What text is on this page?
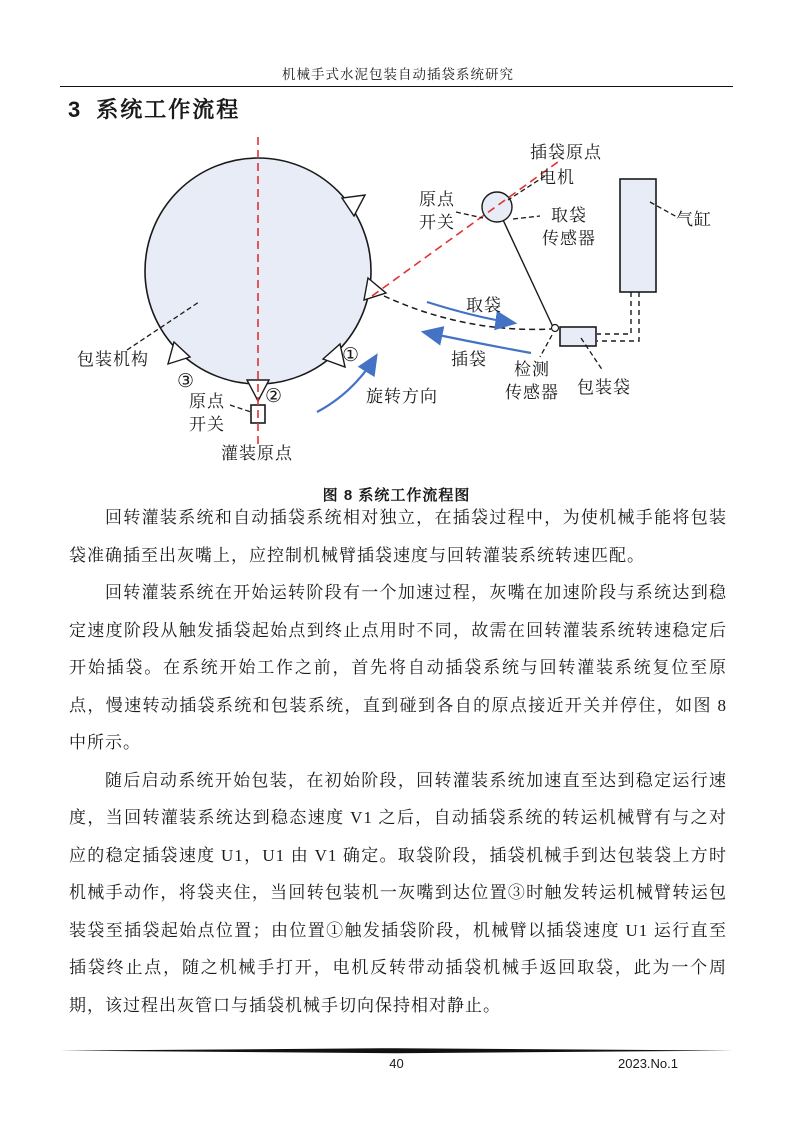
机械手式水泥包装自动插袋系统研究
3 系统工作流程
插袋原点
电机
原点
开关	取袋
传感器
气缸
取袋
插袋
旋转方向
检测
传感器 包装袋
包装机构
原点
开关
灌装原点
①
②
③
图 8 系统工作流程图

回转灌装系统和自动插袋系统相对独立，在插袋过程中，为使机械手能将包装袋准确插至出灰嘴上，应控制机械臂插袋速度与回转灌装系统转速匹配。

回转灌装系统在开始运转阶段有一个加速过程，灰嘴在加速阶段与系统达到稳定速度阶段从触发插袋起始点到终止点用时不同，故需在回转灌装系统转速稳定后开始插袋。在系统开始工作之前，首先将自动插袋系统与回转灌装系统复位至原点，慢速转动插袋系统和包装系统，直到碰到各自的原点接近开关并停住，如图 8 中所示。

随后启动系统开始包装，在初始阶段，回转灌装系统加速直至达到稳定运行速度，当回转灌装系统达到稳态速度 V1 之后，自动插袋系统的转运机械臂有与之对应的稳定插袋速度 U1，U1 由 V1 确定。取袋阶段，插袋机械手到达包装袋上方时机械手动作，将袋夹住，当回转包装机一灰嘴到达位置③时触发转运机械臂转运包装袋至插袋起始点位置；由位置①触发插袋阶段，机械臂以插袋速度 U1 运行直至插袋终止点，随之机械手打开，电机反转带动插袋机械手返回取袋，此为一个周期，该过程出灰管口与插袋机械手切向保持相对静止。

40	2023.No.1
